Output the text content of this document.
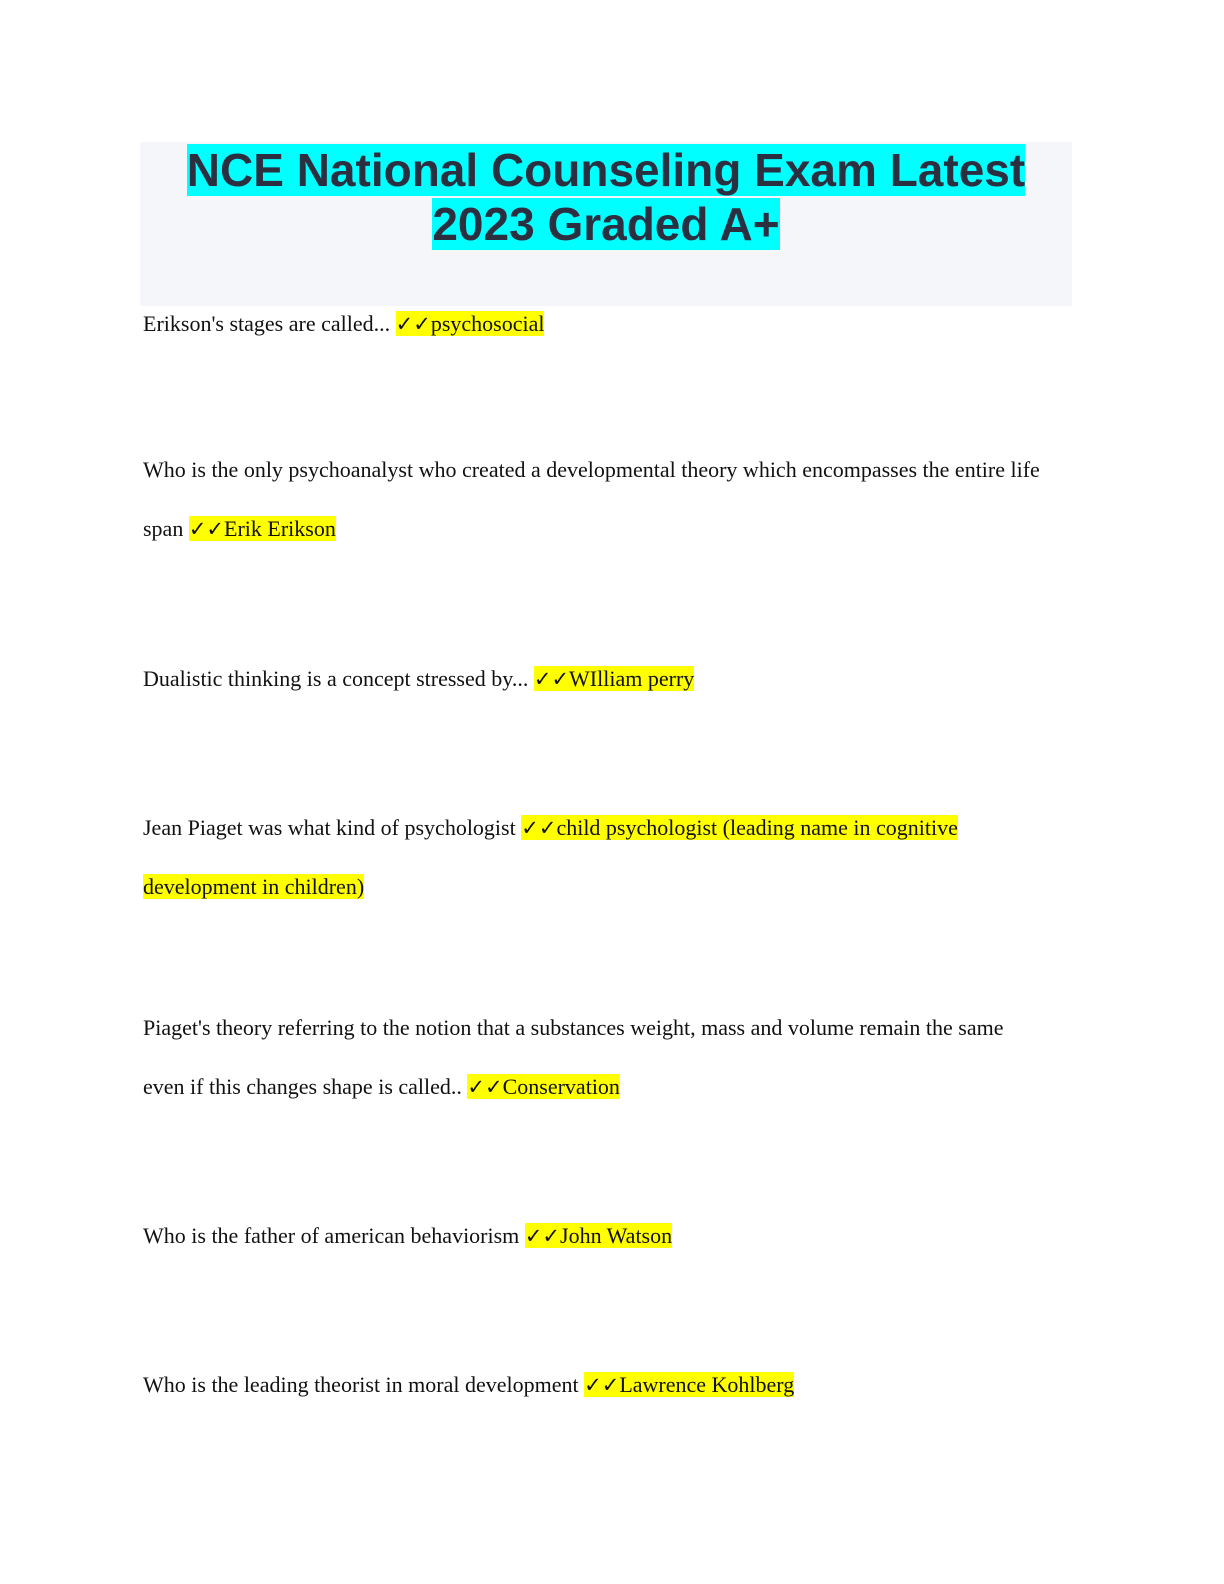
NCE National Counseling Exam Latest
2023 Graded A+

Erikson's stages are called... ✓✓psychosocial

Who is the only psychoanalyst who created a developmental theory which encompasses the entire life span ✓✓Erik Erikson

Dualistic thinking is a concept stressed by... ✓✓WIlliam perry

Jean Piaget was what kind of psychologist ✓✓child psychologist (leading name in cognitive development in children)

Piaget's theory referring to the notion that a substances weight, mass and volume remain the same even if this changes shape is called.. ✓✓Conservation

Who is the father of american behaviorism ✓✓John Watson

Who is the leading theorist in moral development ✓✓Lawrence Kohlberg
